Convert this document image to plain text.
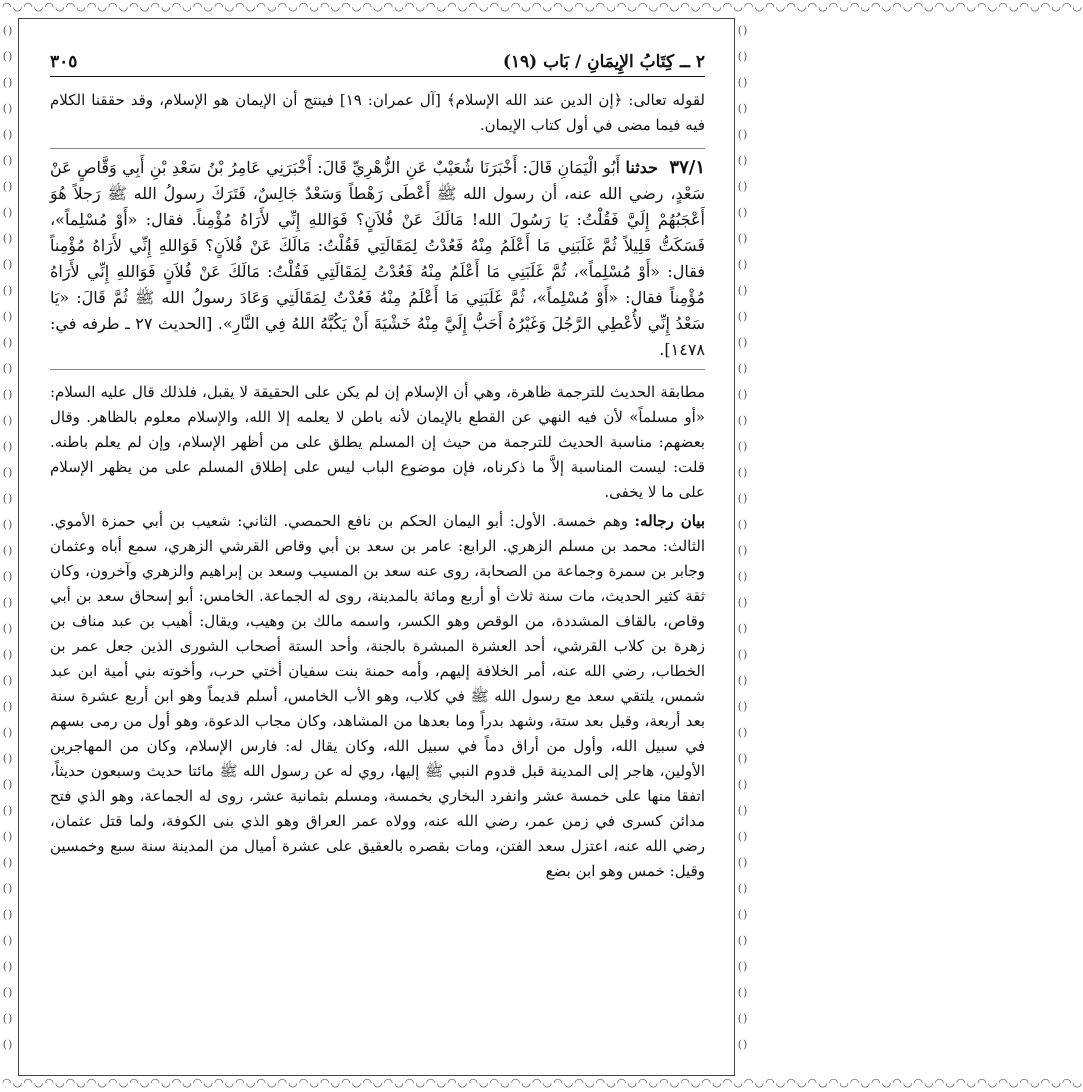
◠◡◠◡◠◡◠◡◠◡◠◡◠◡◠◡◠◡◠◡◠◡◠◡◠◡◠◡◠◡◠◡◠◡◠◡◠◡◠◡◠◡◠◡◠◡◠◡◠◡◠◡◠◡◠◡◠◡◠◡◠◡◠◡◠◡◠◡◠◡◠◡◠◡◠◡◠◡◠◡◠◡◠◡◠◡◠◡◠◡◠◡◠◡◠◡◠◡◠◡◠◡
◠◡◠◡◠◡◠◡◠◡◠◡◠◡◠◡◠◡◠◡◠◡◠◡◠◡◠◡◠◡◠◡◠◡◠◡◠◡◠◡◠◡◠◡◠◡◠◡◠◡◠◡◠◡◠◡◠◡◠◡◠◡◠◡◠◡◠◡◠◡◠◡◠◡◠◡◠◡◠◡◠◡◠◡◠◡◠◡◠◡◠◡◠◡◠◡◠◡◠◡◠◡
() () () () () () () () () () () () () () () () () () () () () () () () () () () () () () () () () () () () () () () ()
() () () () () () () () () () () () () () () () () () () () () () () () () () () () () () () () () () () () () () () ()
٢ ــ كِتَابُ الإِيمَانِ / بَاب (١٩)
٣٠٥

لقوله تعالى: ﴿إن الدين عند الله الإسلام﴾ [آل عمران: ١٩] فينتج أن الإيمان هو الإسلام، وقد حققنا الكلام فيه فيما مضى في أول كتاب الإيمان.

٣٧/١ حدثنا أَبُو الْيَمَانِ قَالَ: أَخْبَرَنَا شُعَيْبٌ عَنِ الزُّهْرِيِّ قَالَ: أَخْبَرَنِي عَامِرُ بْنُ سَعْدِ بْنِ أَبِي وَقَّاصٍ عَنْ سَعْدٍ، رضي الله عنه، أن رسول الله ﷺ أَعْطَى رَهْطاً وَسَعْدٌ جَالِسٌ، فَتَرَكَ رسولُ الله ﷺ رَجلاً هُوَ أَعْجَبُهُمْ إِلَيَّ فَقُلْتُ: يَا رَسُولَ الله! مَالَكَ عَنْ فُلاَنٍ؟ فَوَاللهِ إِنِّي لأَرَاهُ مُؤْمِناً. فقال: «أَوْ مُسْلِماً»، فَسَكَتُّ قَلِيلاً ثُمَّ غَلَبَنِي مَا أَعْلَمُ مِنْهُ فَعُدْتُ لِمَقَالَتِي فَقُلْتُ: مَالَكَ عَنْ فُلاَنٍ؟ فَوَاللهِ إِنِّي لأَرَاهُ مُؤْمِناً فقال: «أَوْ مُسْلِماً»، ثُمَّ غَلَبَنِي مَا أَعْلَمُ مِنْهُ فَعُدْتُ لِمَقَالَتِي فَقُلْتُ: مَالَكَ عَنْ فُلاَنٍ فَوَاللهِ إِنِّي لأَرَاهُ مُؤْمِناً فقال: «أَوْ مُسْلِماً»، ثُمَّ غَلَبَنِي مَا أَعْلَمُ مِنْهُ فَعُدْتُ لِمَقَالَتِي وَعَادَ رسولُ الله ﷺ ثُمَّ قَالَ: «يَا سَعْدُ إِنِّي لأُعْطِي الرَّجُلَ وَغَيْرُهُ أَحَبُّ إِلَيَّ مِنْهُ خَشْيَةَ أَنْ يَكُبَّهُ اللهُ فِي النَّارِ». [الحديث ٢٧ ـ طرفه في: ١٤٧٨].

مطابقة الحديث للترجمة ظاهرة، وهي أن الإسلام إن لم يكن على الحقيقة لا يقبل، فلذلك قال عليه السلام: «أو مسلماً» لأن فيه النهي عن القطع بالإيمان لأنه باطن لا يعلمه إلا الله، والإسلام معلوم بالظاهر. وقال بعضهم: مناسبة الحديث للترجمة من حيث إن المسلم يطلق على من أظهر الإسلام، وإن لم يعلم باطنه. قلت: ليست المناسبة إلاَّ ما ذكرناه، فإن موضوع الباب ليس على إطلاق المسلم على من يظهر الإسلام على ما لا يخفى.

بيان رجاله: وهم خمسة. الأول: أبو اليمان الحكم بن نافع الحمصي. الثاني: شعيب بن أبي حمزة الأموي. الثالث: محمد بن مسلم الزهري. الرابع: عامر بن سعد بن أبي وقاص القرشي الزهري، سمع أباه وعثمان وجابر بن سمرة وجماعة من الصحابة، روى عنه سعد بن المسيب وسعد بن إبراهيم والزهري وآخرون، وكان ثقة كثير الحديث، مات سنة ثلاث أو أربع ومائة بالمدينة، روى له الجماعة. الخامس: أبو إسحاق سعد بن أبي وقاص، بالقاف المشددة، من الوقص وهو الكسر، واسمه مالك بن وهيب، ويقال: أهيب بن عبد مناف بن زهرة بن كلاب القرشي، أحد العشرة المبشرة بالجنة، وأحد الستة أصحاب الشورى الذين جعل عمر بن الخطاب، رضي الله عنه، أمر الخلافة إليهم، وأمه حمنة بنت سفيان أختي حرب، وأخوته بني أمية ابن عبد شمس، يلتقي سعد مع رسول الله ﷺ في كلاب، وهو الأب الخامس، أسلم قديماً وهو ابن أربع عشرة سنة بعد أربعة، وقيل بعد ستة، وشهد بدراً وما بعدها من المشاهد، وكان مجاب الدعوة، وهو أول من رمى بسهم في سبيل الله، وأول من أراق دماً في سبيل الله، وكان يقال له: فارس الإسلام، وكان من المهاجرين الأولين، هاجر إلى المدينة قبل قدوم النبي ﷺ إليها، روي له عن رسول الله ﷺ مائتا حديث وسبعون حديثاً، اتفقا منها على خمسة عشر وانفرد البخاري بخمسة، ومسلم بثمانية عشر، روى له الجماعة، وهو الذي فتح مدائن كسرى في زمن عمر، رضي الله عنه، وولاه عمر العراق وهو الذي بنى الكوفة، ولما قتل عثمان، رضي الله عنه، اعتزل سعد الفتن، ومات بقصره بالعقيق على عشرة أميال من المدينة سنة سبع وخمسين وقيل: خمس وهو ابن بضع
